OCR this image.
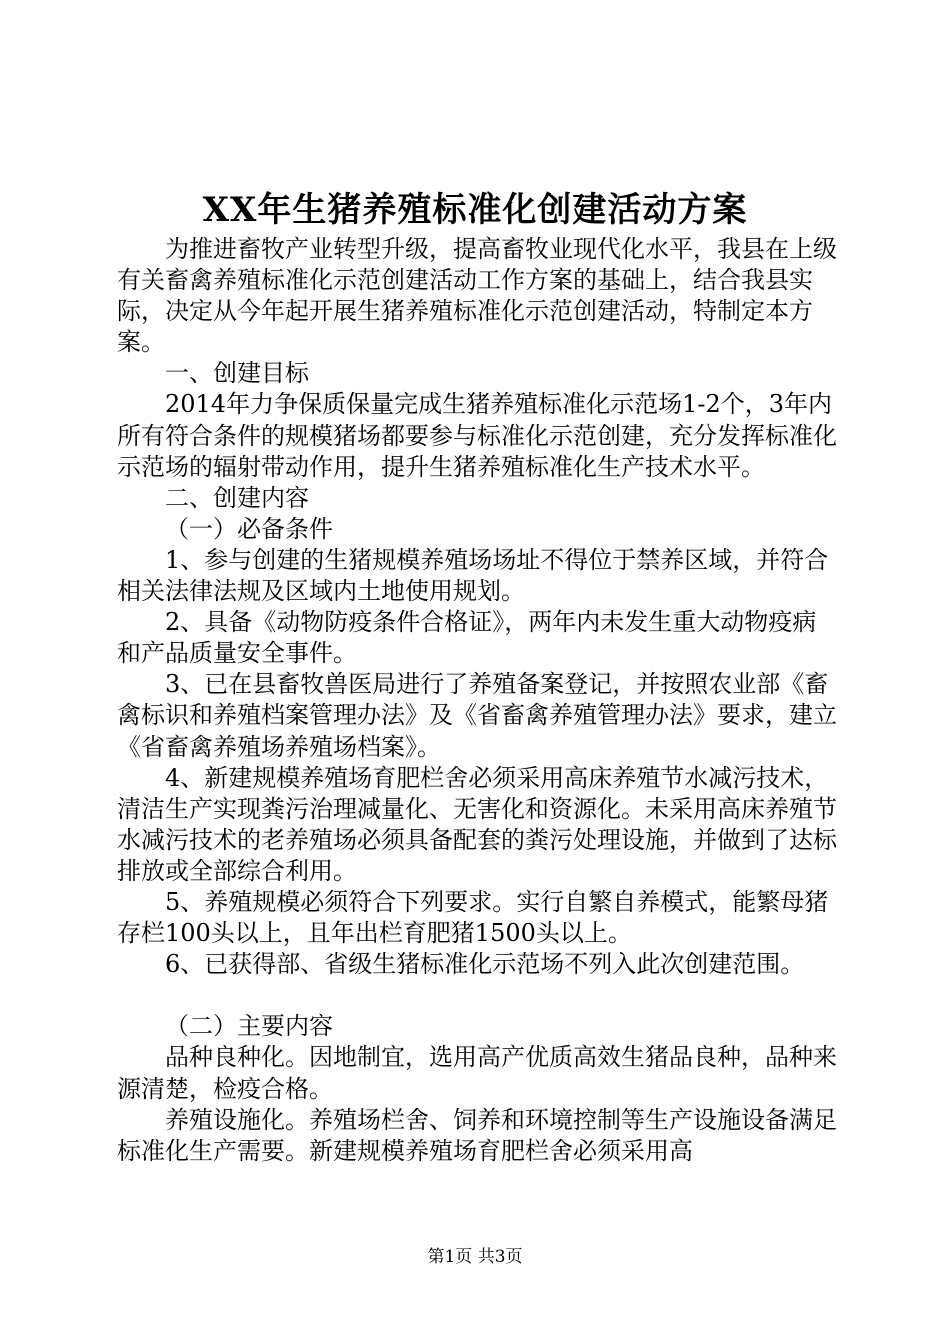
XX年生猪养殖标准化创建活动方案

为推进畜牧产业转型升级，提高畜牧业现代化水平，我县在上级有关畜禽养殖标准化示范创建活动工作方案的基础上，结合我县实际，决定从今年起开展生猪养殖标准化示范创建活动，特制定本方案。

一、创建目标

2014年力争保质保量完成生猪养殖标准化示范场1-2个，3年内所有符合条件的规模猪场都要参与标准化示范创建，充分发挥标准化示范场的辐射带动作用，提升生猪养殖标准化生产技术水平。

二、创建内容

（一）必备条件

1、参与创建的生猪规模养殖场场址不得位于禁养区域，并符合相关法律法规及区域内土地使用规划。

2、具备《动物防疫条件合格证》，两年内未发生重大动物疫病和产品质量安全事件。

3、已在县畜牧兽医局进行了养殖备案登记，并按照农业部《畜禽标识和养殖档案管理办法》及《省畜禽养殖管理办法》要求，建立《省畜禽养殖场养殖场档案》。

4、新建规模养殖场育肥栏舍必须采用高床养殖节水减污技术，清洁生产实现粪污治理减量化、无害化和资源化。未采用高床养殖节水减污技术的老养殖场必须具备配套的粪污处理设施，并做到了达标排放或全部综合利用。

5、养殖规模必须符合下列要求。实行自繁自养模式，能繁母猪存栏100头以上，且年出栏育肥猪1500头以上。

6、已获得部、省级生猪标准化示范场不列入此次创建范围。

（二）主要内容

品种良种化。因地制宜，选用高产优质高效生猪品良种，品种来源清楚，检疫合格。

养殖设施化。养殖场栏舍、饲养和环境控制等生产设施设备满足标准化生产需要。新建规模养殖场育肥栏舍必须采用高

第1页 共3页
